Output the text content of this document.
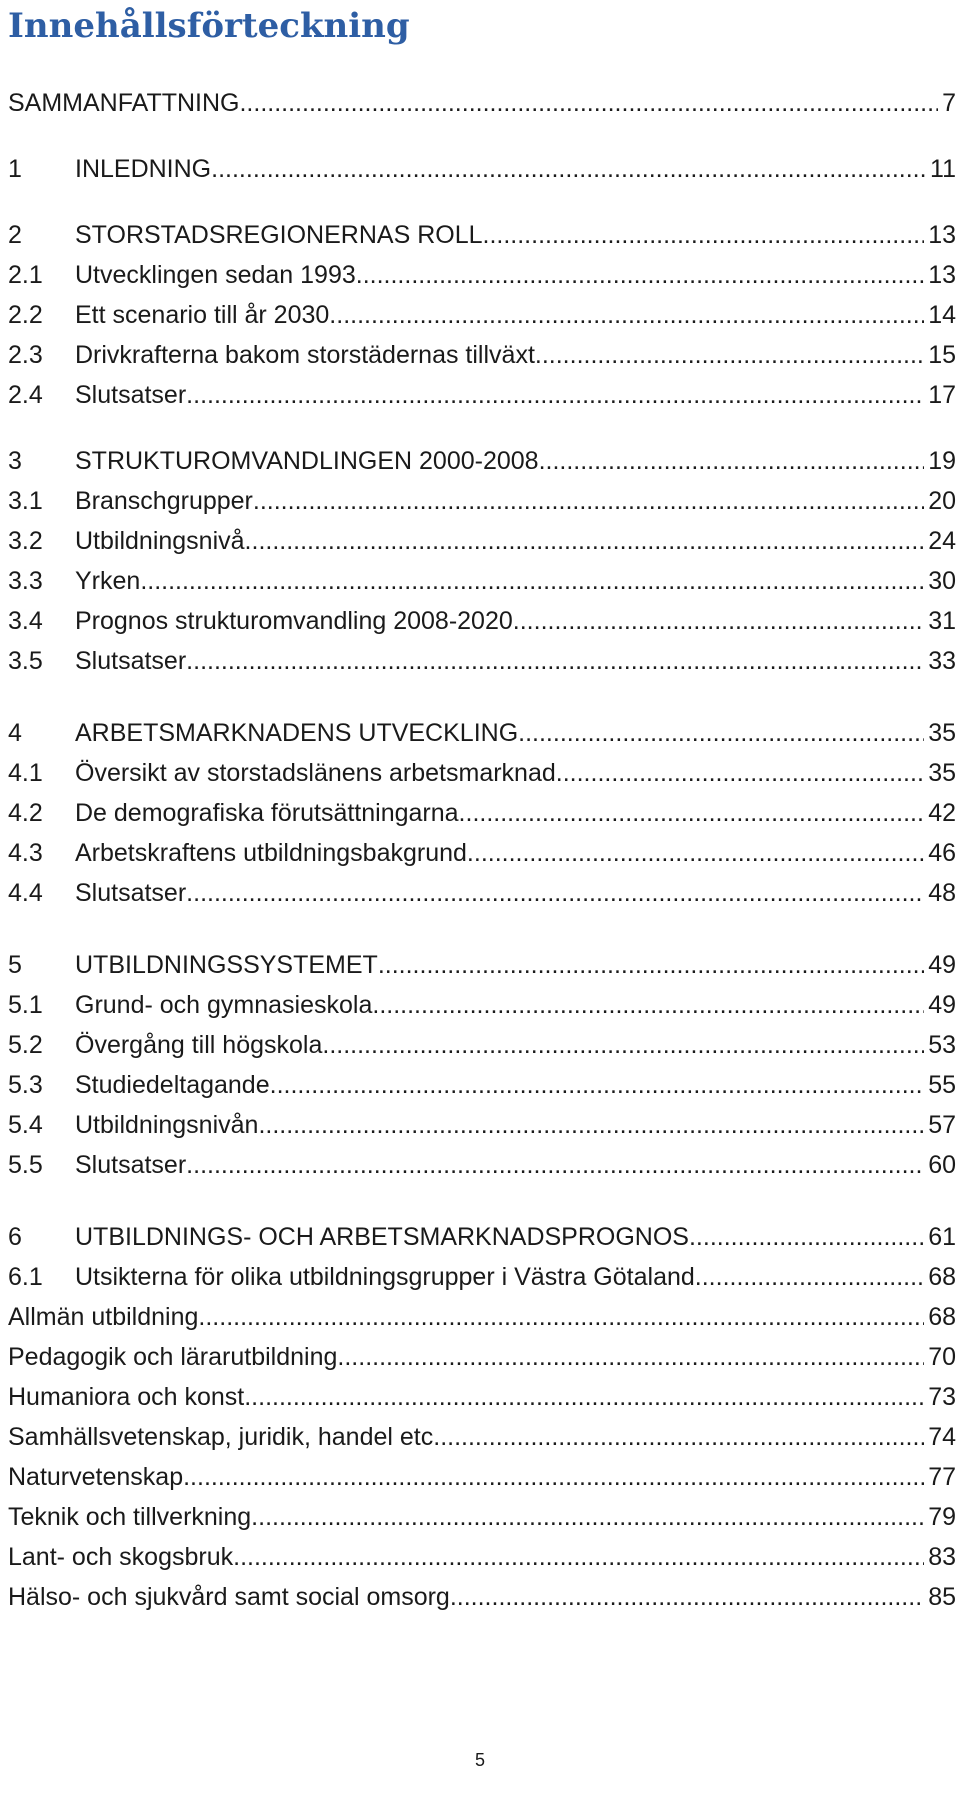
Innehållsförteckning
SAMMANFATTNING .....	7
1	INLEDNING .....	11
2	STORSTADSREGIONERNAS ROLL .....	13
2.1	Utvecklingen sedan 1993 .....	13
2.2	Ett scenario till år 2030 .....	14
2.3	Drivkrafterna bakom storstädernas tillväxt .....	15
2.4	Slutsatser .....	17
3	STRUKTUROMVANDLINGEN 2000-2008 .....	19
3.1	Branschgrupper .....	20
3.2	Utbildningsnivå .....	24
3.3	Yrken .....	30
3.4	Prognos strukturomvandling 2008-2020 .....	31
3.5	Slutsatser .....	33
4	ARBETSMARKNADENS UTVECKLING .....	35
4.1	Översikt av storstadslänens arbetsmarknad .....	35
4.2	De demografiska förutsättningarna .....	42
4.3	Arbetskraftens utbildningsbakgrund .....	46
4.4	Slutsatser .....	48
5	UTBILDNINGSSYSTEMET .....	49
5.1	Grund- och gymnasieskola .....	49
5.2	Övergång till högskola .....	53
5.3	Studiedeltagande .....	55
5.4	Utbildningsnivån .....	57
5.5	Slutsatser .....	60
6	UTBILDNINGS- OCH ARBETSMARKNADSPROGNOS .....	61
6.1	Utsikterna för olika utbildningsgrupper i Västra Götaland .....	68
Allmän utbildning .....	68
Pedagogik och lärarutbildning .....	70
Humaniora och konst .....	73
Samhällsvetenskap, juridik, handel etc. .....	74
Naturvetenskap .....	77
Teknik och tillverkning .....	79
Lant- och skogsbruk .....	83
Hälso- och sjukvård samt social omsorg .....	85
5
